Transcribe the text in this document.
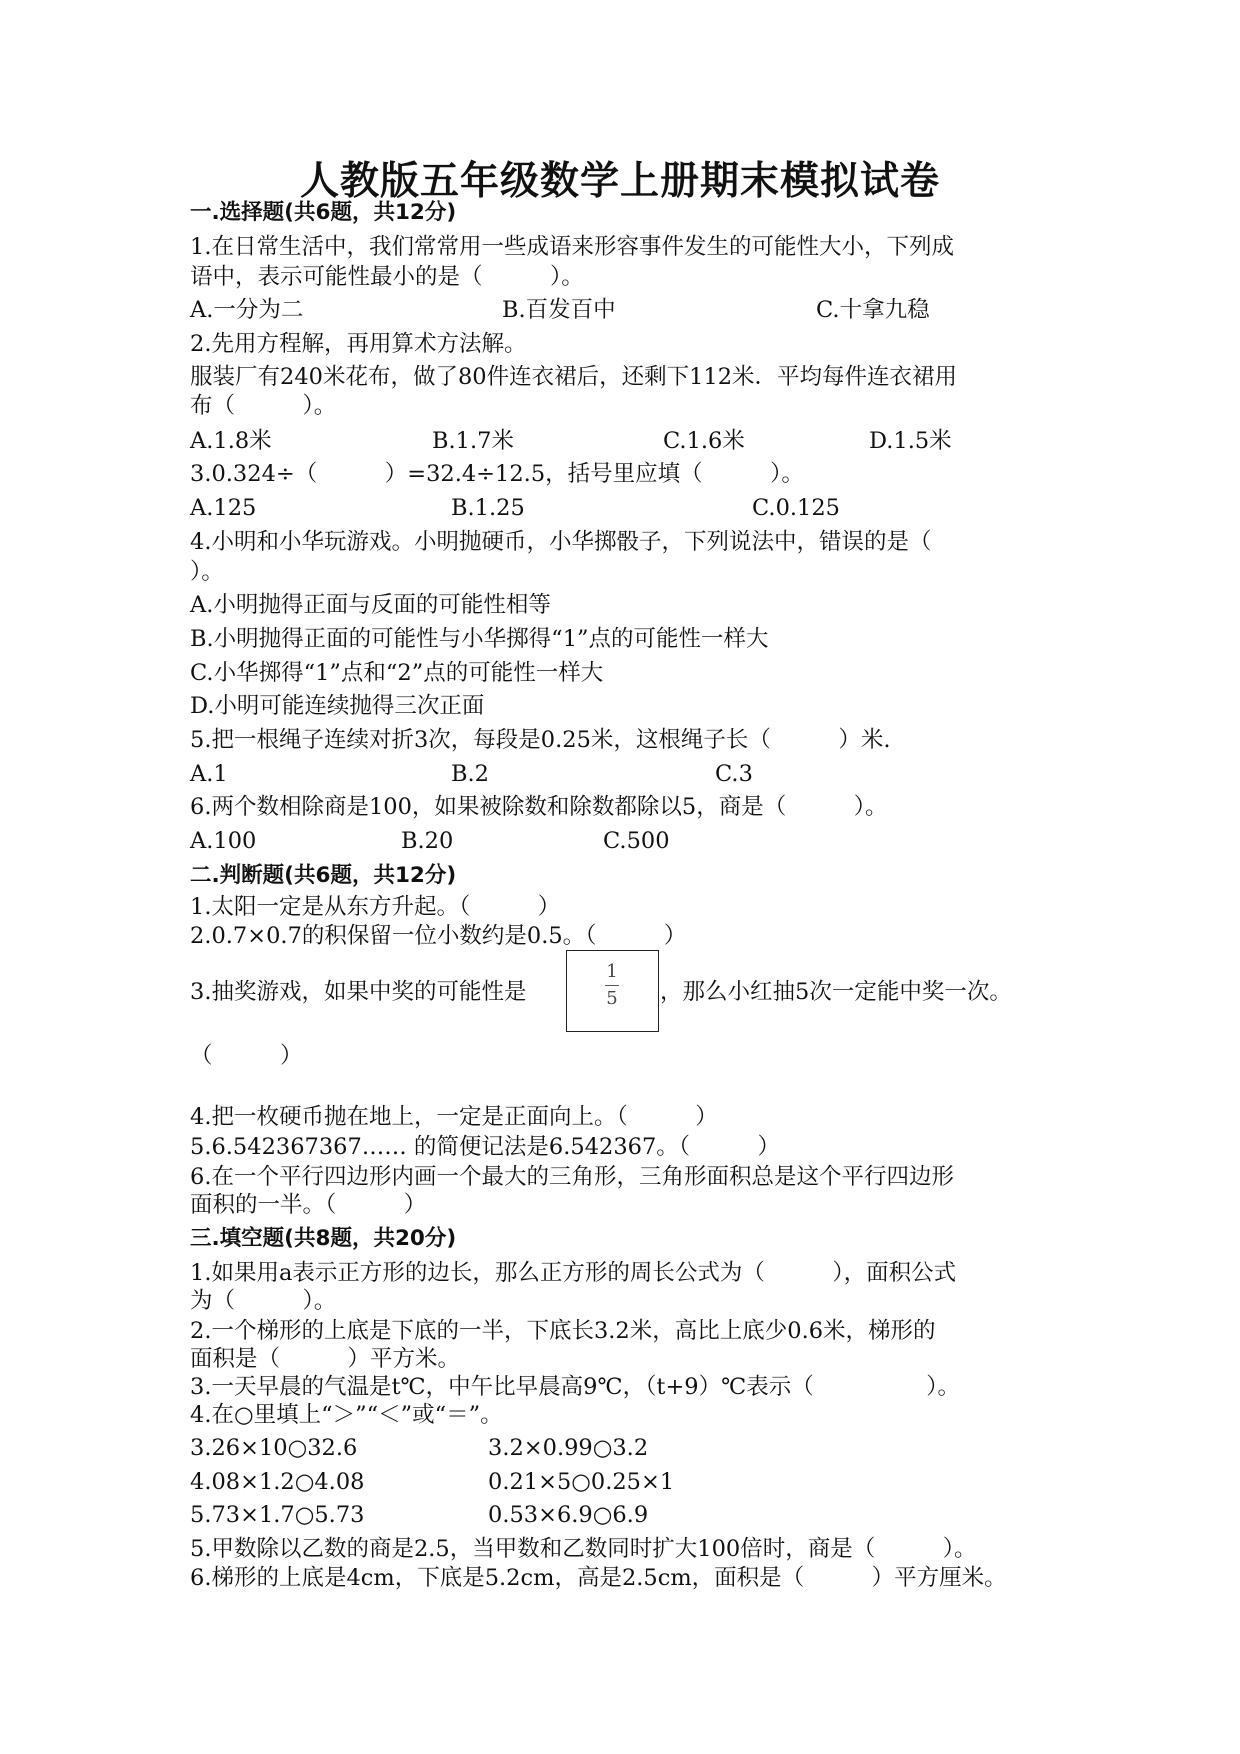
人教版五年级数学上册期末模拟试卷
一.选择题(共6题，共12分)
1.在日常生活中，我们常常用一些成语来形容事件发生的可能性大小，下列成
语中，表示可能性最小的是（　　　）。
A.一分为二	B.百发百中	C.十拿九稳
2.先用方程解，再用算术方法解。
服装厂有240米花布，做了80件连衣裙后，还剩下112米．平均每件连衣裙用
布（　　　）。
A.1.8米	B.1.7米	C.1.6米	D.1.5米
3.0.324÷（　　　）=32.4÷12.5，括号里应填（　　　）。
A.125	B.1.25	C.0.125
4.小明和小华玩游戏。小明抛硬币，小华掷骰子，下列说法中，错误的是（
）。
A.小明抛得正面与反面的可能性相等
B.小明抛得正面的可能性与小华掷得“1”点的可能性一样大
C.小华掷得“1”点和“2”点的可能性一样大
D.小明可能连续抛得三次正面
5.把一根绳子连续对折3次，每段是0.25米，这根绳子长（　　　）米.
A.1	B.2	C.3
6.两个数相除商是100，如果被除数和除数都除以5，商是（　　　）。
A.100	B.20	C.500
二.判断题(共6题，共12分)
1.太阳一定是从东方升起。（　　　）
2.0.7×0.7的积保留一位小数约是0.5。（　　　）
3.抽奖游戏，如果中奖的可能性是
1
5	，那么小红抽5次一定能中奖一次。
（　　　）
4.把一枚硬币抛在地上，一定是正面向上。（　　　）
5.6.542367367…… 的简便记法是6.542367。（　　　）
6.在一个平行四边形内画一个最大的三角形，三角形面积总是这个平行四边形
面积的一半。（　　　）
三.填空题(共8题，共20分)
1.如果用a表示正方形的边长，那么正方形的周长公式为（　　　），面积公式
为（　　　）。
2.一个梯形的上底是下底的一半，下底长3.2米，高比上底少0.6米，梯形的
面积是（　　　）平方米。
3.一天早晨的气温是t℃，中午比早晨高9℃，（t+9）℃表示（　　　　　）。
4.在○里填上“＞”“＜”或“＝”。
3.26×10○32.6	3.2×0.99○3.2
4.08×1.2○4.08	0.21×5○0.25×1
5.73×1.7○5.73	0.53×6.9○6.9
5.甲数除以乙数的商是2.5，当甲数和乙数同时扩大100倍时，商是（　　　）。
6.梯形的上底是4cm，下底是5.2cm，高是2.5cm，面积是（　　　）平方厘米。
